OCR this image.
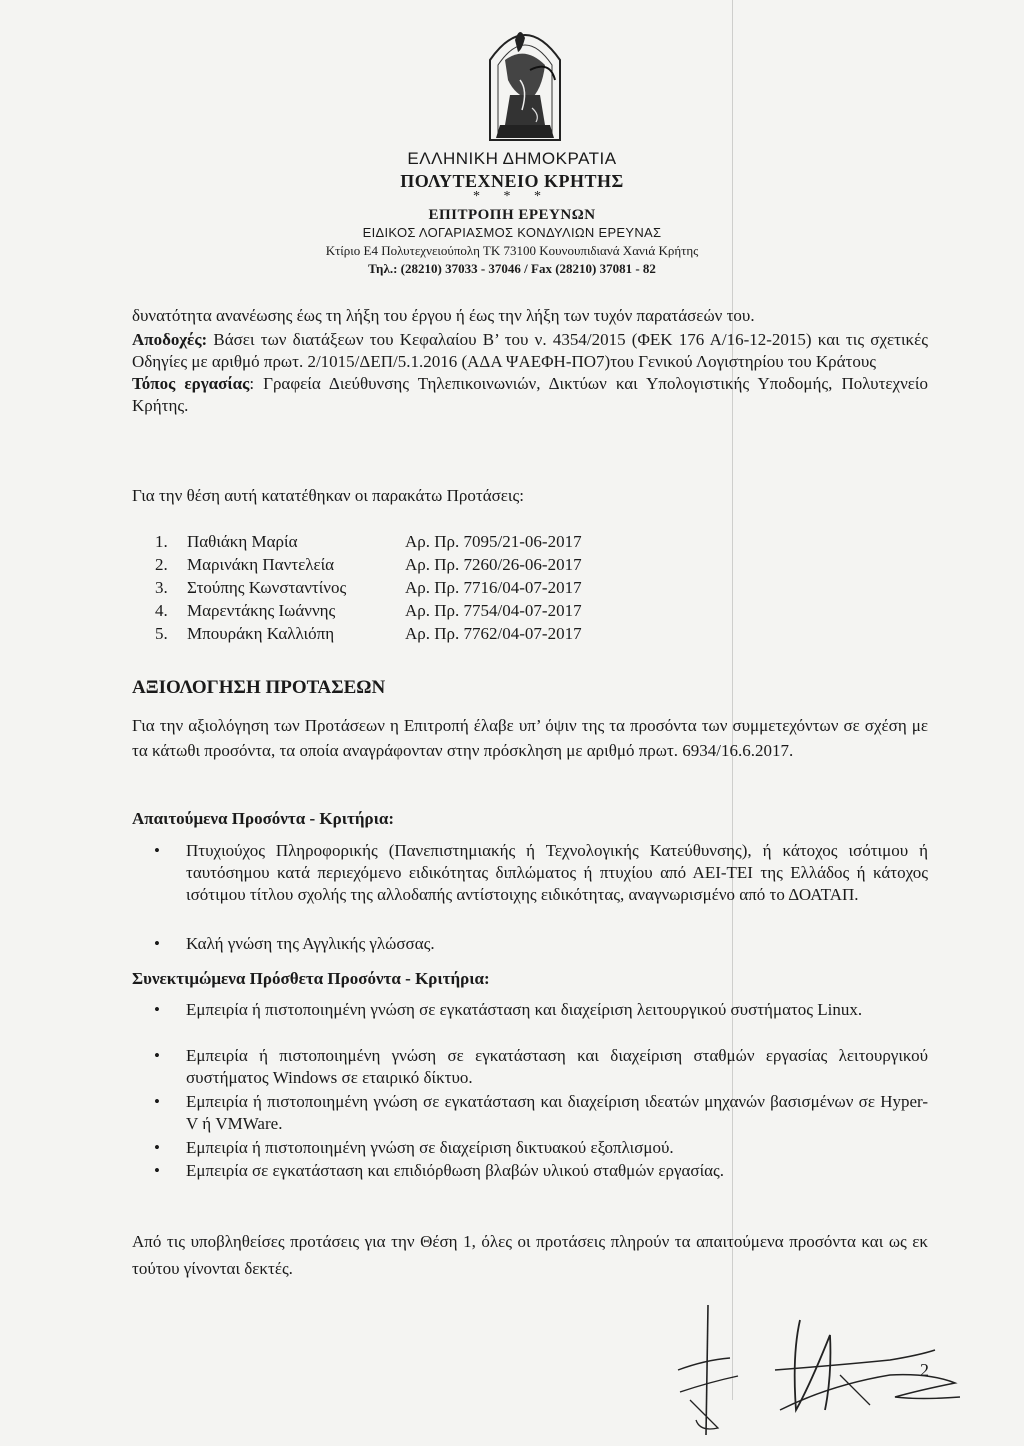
ΕΛΛΗΝΙΚΗ ΔΗΜΟΚΡΑΤΙΑ
ΠΟΛΥΤΕΧΝΕΙΟ ΚΡΗΤΗΣ
* * *
ΕΠΙΤΡΟΠΗ ΕΡΕΥΝΩΝ
ΕΙΔΙΚΟΣ ΛΟΓΑΡΙΑΣΜΟΣ ΚΟΝΔΥΛΙΩΝ ΕΡΕΥΝΑΣ
Κτίριο Ε4 Πολυτεχνειούπολη ΤΚ 73100 Κουνουπιδιανά Χανιά Κρήτης
Τηλ.: (28210) 37033 - 37046 / Fax (28210) 37081 - 82

δυνατότητα ανανέωσης έως τη λήξη του έργου ή έως την λήξη των τυχόν παρατάσεών του.

Αποδοχές: Βάσει των διατάξεων του Κεφαλαίου Β’ του ν. 4354/2015 (ΦΕΚ 176 Α/16-12-2015) και τις σχετικές Οδηγίες με αριθμό πρωτ. 2/1015/ΔΕΠ/5.1.2016 (ΑΔΑ ΨΑΕΦΗ-ΠΟ7)του Γενικού Λογιστηρίου του Κράτους

Τόπος εργασίας: Γραφεία Διεύθυνσης Τηλεπικοινωνιών, Δικτύων και Υπολογιστικής Υποδομής, Πολυτεχνείο Κρήτης.

Για την θέση αυτή κατατέθηκαν οι παρακάτω Προτάσεις:
1. Παθιάκη Μαρία	Αρ. Πρ. 7095/21-06-2017
2. Μαρινάκη Παντελεία	Αρ. Πρ. 7260/26-06-2017
3. Στούπης Κωνσταντίνος	Αρ. Πρ. 7716/04-07-2017
4. Μαρεντάκης Ιωάννης	Αρ. Πρ. 7754/04-07-2017
5. Μπουράκη Καλλιόπη	Αρ. Πρ. 7762/04-07-2017
ΑΞΙΟΛΟΓΗΣΗ ΠΡΟΤΑΣΕΩΝ
Για την αξιολόγηση των Προτάσεων η Επιτροπή έλαβε υπ’ όψιν της τα προσόντα των συμμετεχόντων σε σχέση με τα κάτωθι προσόντα, τα οποία αναγράφονταν στην πρόσκληση με αριθμό πρωτ. 6934/16.6.2017.
Απαιτούμενα Προσόντα - Κριτήρια:
• Πτυχιούχος Πληροφορικής (Πανεπιστημιακής ή Τεχνολογικής Κατεύθυνσης), ή κάτοχος ισότιμου ή ταυτόσημου κατά περιεχόμενο ειδικότητας διπλώματος ή πτυχίου από ΑΕΙ-ΤΕΙ της Ελλάδος ή κάτοχος ισότιμου τίτλου σχολής της αλλοδαπής αντίστοιχης ειδικότητας, αναγνωρισμένο από το ΔΟΑΤΑΠ.
• Καλή γνώση της Αγγλικής γλώσσας.
Συνεκτιμώμενα Πρόσθετα Προσόντα - Κριτήρια:
• Εμπειρία ή πιστοποιημένη γνώση σε εγκατάσταση και διαχείριση λειτουργικού συστήματος Linux.
• Εμπειρία ή πιστοποιημένη γνώση σε εγκατάσταση και διαχείριση σταθμών εργασίας λειτουργικού συστήματος Windows σε εταιρικό δίκτυο.
• Εμπειρία ή πιστοποιημένη γνώση σε εγκατάσταση και διαχείριση ιδεατών μηχανών βασισμένων σε Hyper-V ή VMWare.
• Εμπειρία ή πιστοποιημένη γνώση σε διαχείριση δικτυακού εξοπλισμού.
• Εμπειρία σε εγκατάσταση και επιδιόρθωση βλαβών υλικού σταθμών εργασίας.
Από τις υποβληθείσες προτάσεις για την Θέση 1, όλες οι προτάσεις πληρούν τα απαιτούμενα προσόντα και ως εκ τούτου γίνονται δεκτές.
2
